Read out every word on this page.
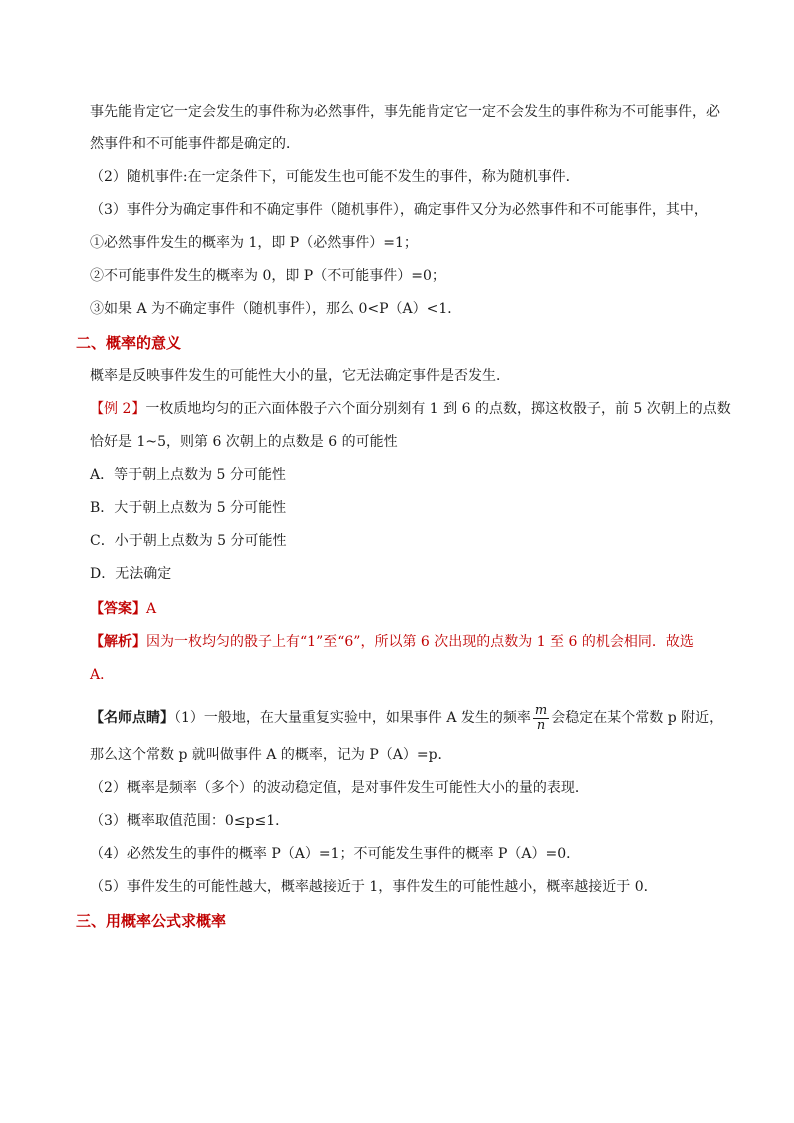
事先能肯定它一定会发生的事件称为必然事件，事先能肯定它一定不会发生的事件称为不可能事件，必
然事件和不可能事件都是确定的．
（2）随机事件:在一定条件下，可能发生也可能不发生的事件，称为随机事件．
（3）事件分为确定事件和不确定事件（随机事件），确定事件又分为必然事件和不可能事件，其中，
①必然事件发生的概率为 1，即 P（必然事件）=1；
②不可能事件发生的概率为 0，即 P（不可能事件）=0；
③如果 A 为不确定事件（随机事件），那么 0<P（A）<1．
二、概率的意义
概率是反映事件发生的可能性大小的量，它无法确定事件是否发生．
【例 2】一枚质地均匀的正六面体骰子六个面分别刻有 1 到 6 的点数，掷这枚骰子，前 5 次朝上的点数
恰好是 1~5，则第 6 次朝上的点数是 6 的可能性
A．等于朝上点数为 5 分可能性
B．大于朝上点数为 5 分可能性
C．小于朝上点数为 5 分可能性
D．无法确定
【答案】A
【解析】因为一枚均匀的骰子上有“1”至“6”，所以第 6 次出现的点数为 1 至 6 的机会相同．故选
A．
【名师点睛】（1）一般地，在大量重复实验中，如果事件 A 发生的频率 $\frac{m}{n}$ 会稳定在某个常数 p 附近，
那么这个常数 p 就叫做事件 A 的概率，记为 P（A）=p．
（2）概率是频率（多个）的波动稳定值，是对事件发生可能性大小的量的表现．
（3）概率取值范围：0≤p≤1．
（4）必然发生的事件的概率 P（A）=1；不可能发生事件的概率 P（A）=0．
（5）事件发生的可能性越大，概率越接近于 1，事件发生的可能性越小，概率越接近于 0．
三、用概率公式求概率
